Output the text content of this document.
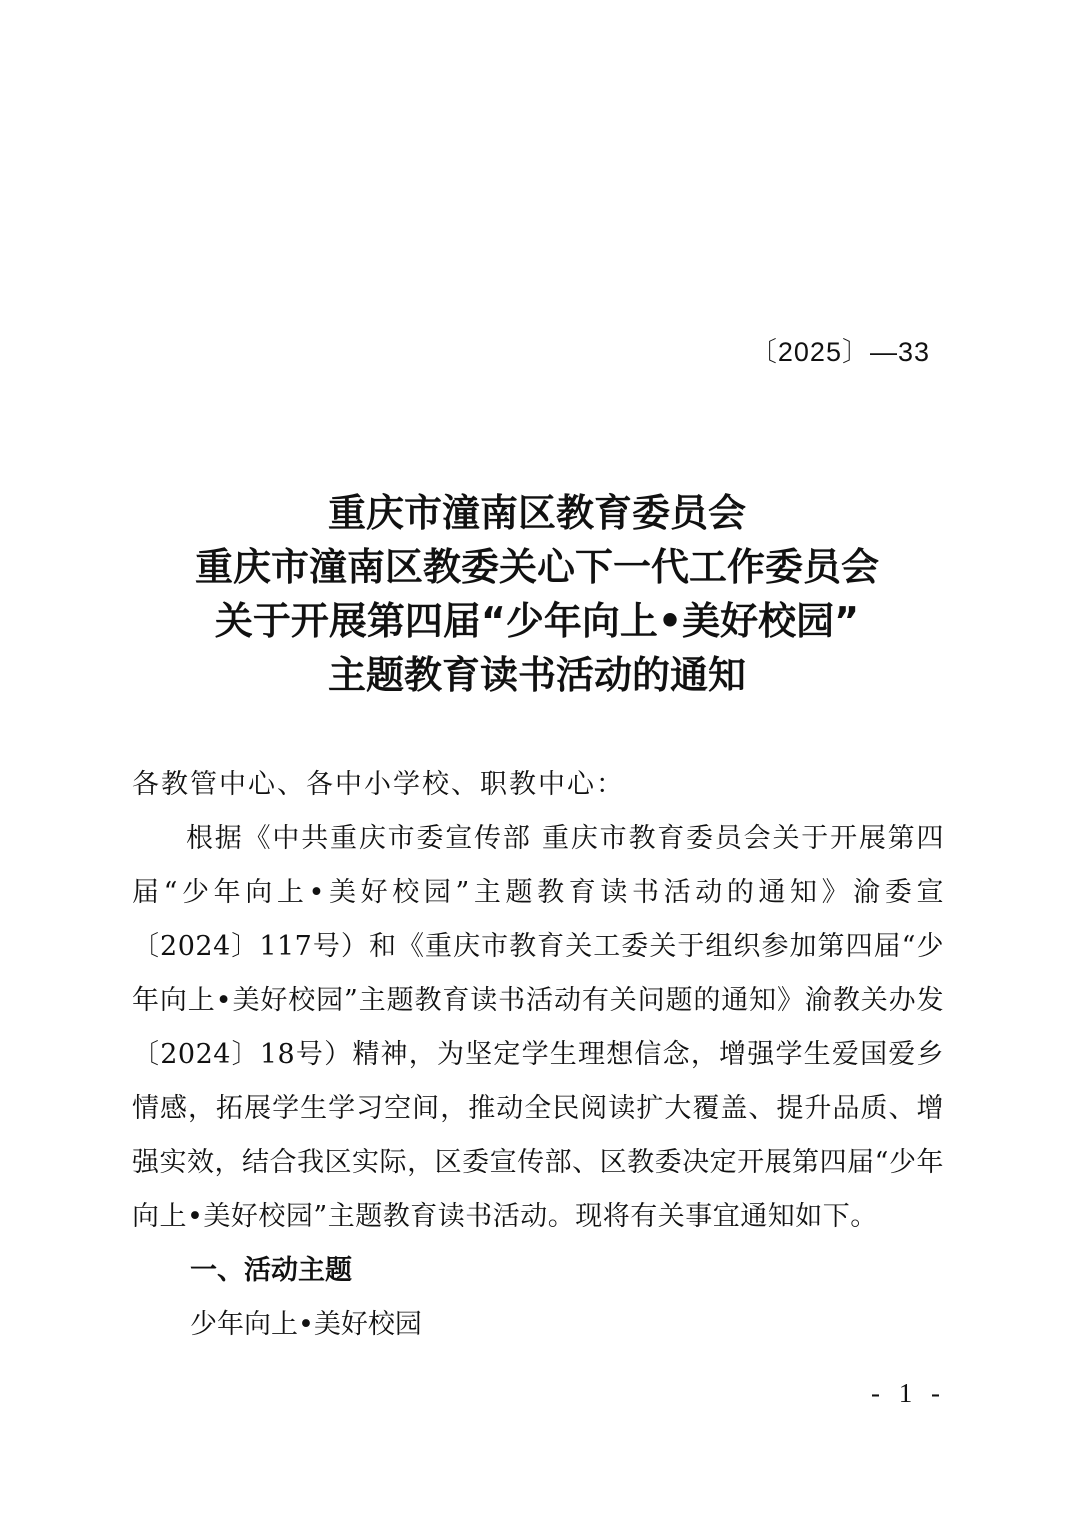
〔2025〕—33
重庆市潼南区教育委员会
重庆市潼南区教委关心下一代工作委员会
关于开展第四届“少年向上•美好校园”
主题教育读书活动的通知
各教管中心、各中小学校、职教中心：

根据《中共重庆市委宣传部 重庆市教育委员会关于开展第四届“少年向上•美好校园”主题教育读书活动的通知》渝委宣〔2024〕117号）和《重庆市教育关工委关于组织参加第四届“少年向上•美好校园”主题教育读书活动有关问题的通知》渝教关办发〔2024〕18号）精神，为坚定学生理想信念，增强学生爱国爱乡情感，拓展学生学习空间，推动全民阅读扩大覆盖、提升品质、增强实效，结合我区实际，区委宣传部、区教委决定开展第四届“少年向上•美好校园”主题教育读书活动。现将有关事宜通知如下。

一、活动主题
少年向上•美好校园
- 1 -
